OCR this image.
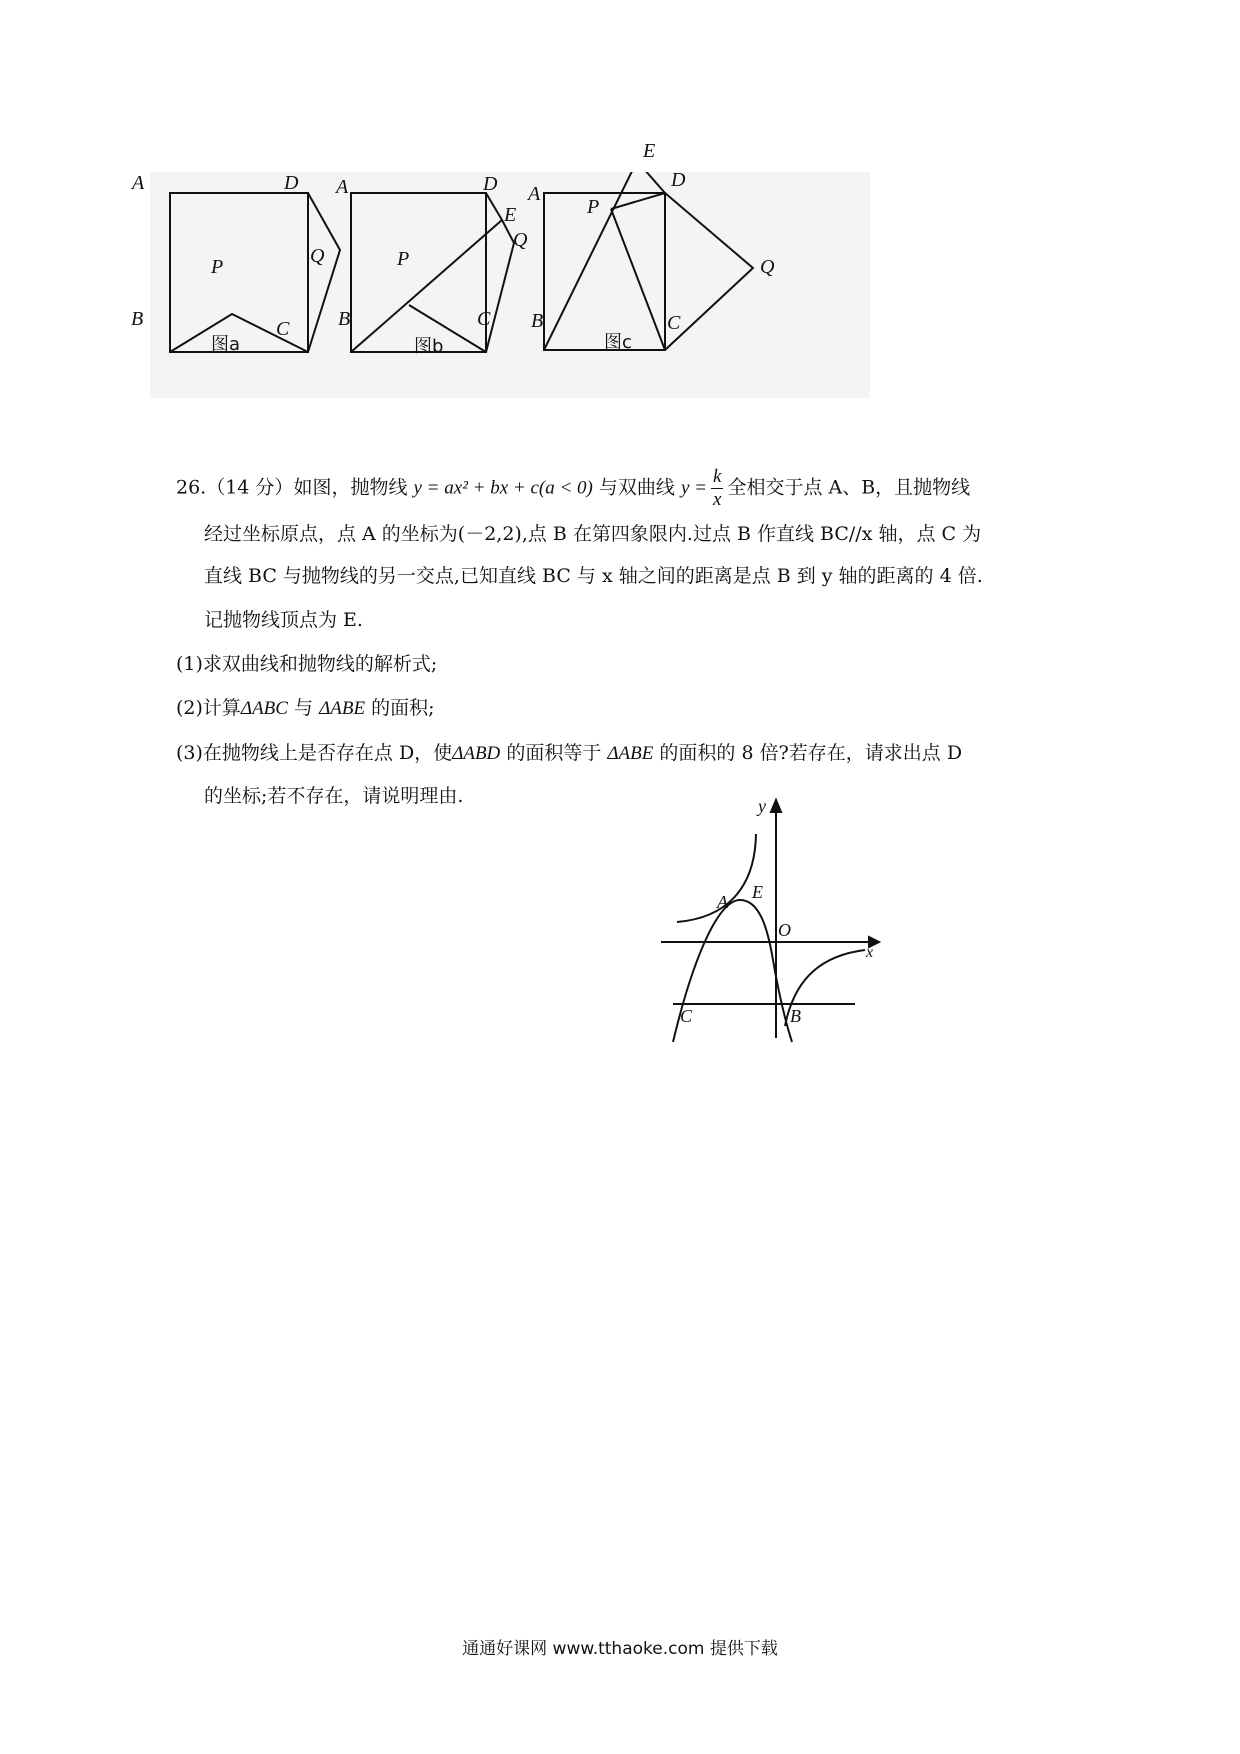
A
B	C
D
P	Q
图a
A
B	C
D
E
P
Q
图b
A
B	C
D
E
P
Q
图c
26.（14 分）如图，抛物线 y = ax² + bx + c(a < 0) 与双曲线 $y = \frac{k}{x}$ 全相交于点 A、B，且抛物线
经过坐标原点，点 A 的坐标为(－2,2),点 B 在第四象限内.过点 B 作直线 BC//x 轴，点 C 为
直线 BC 与抛物线的另一交点,已知直线 BC 与 x 轴之间的距离是点 B 到 y 轴的距离的 4 倍.
记抛物线顶点为 E.
(1)求双曲线和抛物线的解析式;
(2)计算ΔABC 与 ΔABE 的面积;
(3)在抛物线上是否存在点 D，使ΔABD 的面积等于 ΔABE 的面积的 8 倍?若存在，请求出点 D
的坐标;若不存在，请说明理由.	y
x
O
A E
B
C
通通好课网 www.tthaoke.com 提供下载
